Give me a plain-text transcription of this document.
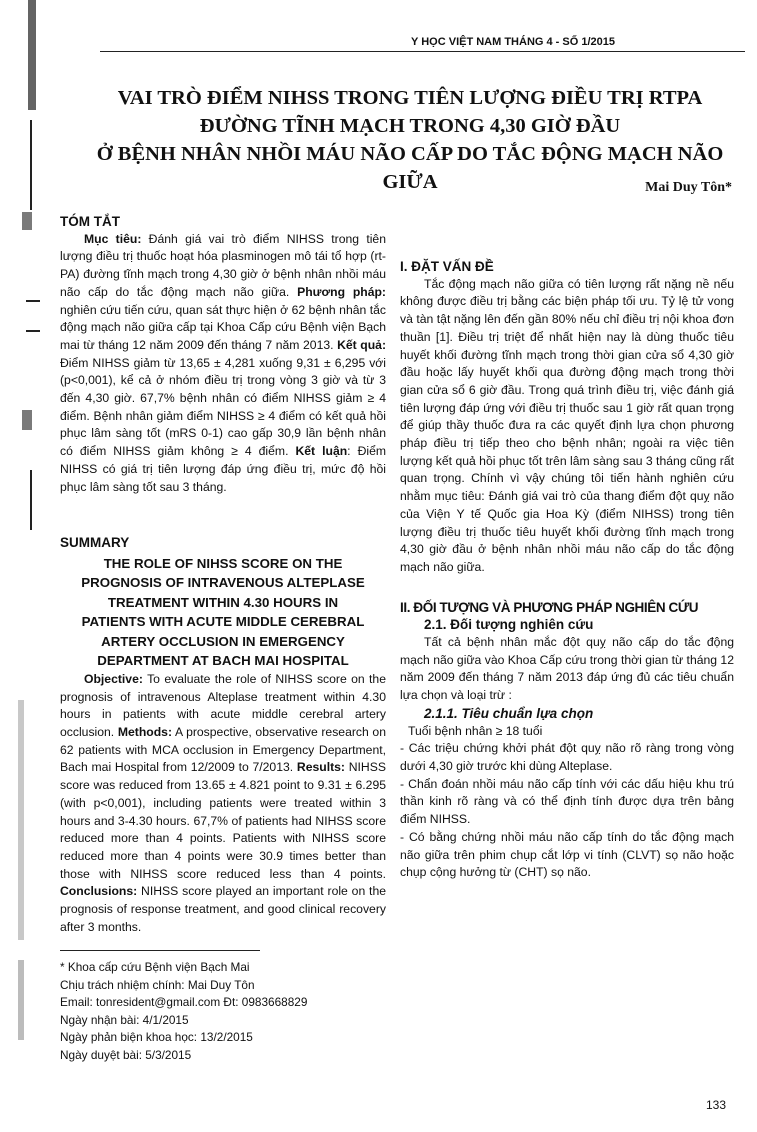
Y HỌC VIỆT NAM THÁNG 4 - SỐ 1/2015
VAI TRÒ ĐIỂM NIHSS TRONG TIÊN LƯỢNG ĐIỀU TRỊ RTPA
ĐƯỜNG TĨNH MẠCH TRONG 4,30 GIỜ ĐẦU
Ở BỆNH NHÂN NHỒI MÁU NÃO CẤP DO TẮC ĐỘNG MẠCH NÃO GIỮA	Mai Duy Tôn*
TÓM TẮT

Mục tiêu: Đánh giá vai trò điểm NIHSS trong tiên lượng điều trị thuốc hoạt hóa plasminogen mô tái tổ hợp (rt-PA) đường tĩnh mạch trong 4,30 giờ ở bệnh nhân nhồi máu não cấp do tắc động mạch não giữa. Phương pháp: nghiên cứu tiến cứu, quan sát thực hiện ở 62 bệnh nhân tắc động mạch não giữa cấp tại Khoa Cấp cứu Bệnh viện Bạch mai từ tháng 12 năm 2009 đến tháng 7 năm 2013. Kết quả: Điểm NIHSS giảm từ 13,65 ± 4,281 xuống 9,31 ± 6,295 với (p<0,001), kể cả ở nhóm điều trị trong vòng 3 giờ và từ 3 đến 4,30 giờ. 67,7% bệnh nhân có điểm NIHSS giảm ≥ 4 điểm. Bệnh nhân giảm điểm NIHSS ≥ 4 điểm có kết quả hồi phục lâm sàng tốt (mRS 0-1) cao gấp 30,9 lần bệnh nhân có điểm NIHSS giảm không ≥ 4 điểm. Kết luận: Điểm NIHSS có giá trị tiên lượng đáp ứng điều trị, mức độ hồi phục lâm sàng tốt sau 3 tháng.

SUMMARY
THE ROLE OF NIHSS SCORE ON THE
PROGNOSIS OF INTRAVENOUS ALTEPLASE
TREATMENT WITHIN 4.30 HOURS IN
PATIENTS WITH ACUTE MIDDLE CEREBRAL
ARTERY OCCLUSION IN EMERGENCY
DEPARTMENT AT BACH MAI HOSPITAL

Objective: To evaluate the role of NIHSS score on the prognosis of intravenous Alteplase treatment within 4.30 hours in patients with acute middle cerebral artery occlusion. Methods: A prospective, observative research on 62 patients with MCA occlusion in Emergency Department, Bach mai Hospital from 12/2009 to 7/2013. Results: NIHSS score was reduced from 13.65 ± 4.821 point to 9.31 ± 6.295 (with p<0,001), including patients were treated within 3 hours and 3-4.30 hours. 67,7% of patients had NIHSS score reduced more than 4 points. Patients with NIHSS score reduced more than 4 points were 30.9 times better than those with NIHSS score reduced less than 4 points. Conclusions: NIHSS score played an important role on the prognosis of response treatment, and good clinical recovery after 3 months.

* Khoa cấp cứu Bệnh viện Bạch Mai
Chịu trách nhiệm chính: Mai Duy Tôn
Email: tonresident@gmail.com Đt: 0983668829
Ngày nhận bài: 4/1/2015
Ngày phản biện khoa học: 13/2/2015
Ngày duyệt bài: 5/3/2015
I. ĐẶT VẤN ĐỀ

Tắc động mạch não giữa có tiên lượng rất nặng nề nếu không được điều trị bằng các biện pháp tối ưu. Tỷ lệ tử vong và tàn tật nặng lên đến gần 80% nếu chỉ điều trị nội khoa đơn thuần [1]. Điều trị triệt để nhất hiện nay là dùng thuốc tiêu huyết khối đường tĩnh mạch trong thời gian cửa sổ 4,30 giờ đầu hoặc lấy huyết khối qua đường động mạch trong thời gian cửa sổ 6 giờ đầu. Trong quá trình điều trị, việc đánh giá tiên lượng đáp ứng với điều trị thuốc sau 1 giờ rất quan trọng để giúp thầy thuốc đưa ra các quyết định lựa chọn phương pháp điều trị tiếp theo cho bệnh nhân; ngoài ra việc tiên lượng kết quả hồi phục tốt trên lâm sàng sau 3 tháng cũng rất quan trọng. Chính vì vậy chúng tôi tiến hành nghiên cứu nhằm mục tiêu: Đánh giá vai trò của thang điểm đột quỵ não của Viện Y tế Quốc gia Hoa Kỳ (điểm NIHSS) trong tiên lượng điều trị thuốc tiêu huyết khối đường tĩnh mạch trong 4,30 giờ đầu ở bệnh nhân nhồi máu não cấp do tắc động mạch não giữa.

II. ĐỐI TƯỢNG VÀ PHƯƠNG PHÁP NGHIÊN CỨU
2.1. Đối tượng nghiên cứu

Tất cả bệnh nhân mắc đột quỵ não cấp do tắc động mạch não giữa vào Khoa Cấp cứu trong thời gian từ tháng 12 năm 2009 đến tháng 7 năm 2013 đáp ứng đủ các tiêu chuẩn lựa chọn và loại trừ :

2.1.1. Tiêu chuẩn lựa chọn
Tuổi bệnh nhân ≥ 18 tuổi
- Các triệu chứng khởi phát đột quỵ não rõ ràng trong vòng dưới 4,30 giờ trước khi dùng Alteplase.
- Chẩn đoán nhồi máu não cấp tính với các dấu hiệu khu trú thần kinh rõ ràng và có thể định tính được dựa trên bảng điểm NIHSS.
- Có bằng chứng nhồi máu não cấp tính do tắc động mạch não giữa trên phim chụp cắt lớp vi tính (CLVT) sọ não hoặc chụp cộng hưởng từ (CHT) sọ não.
133
